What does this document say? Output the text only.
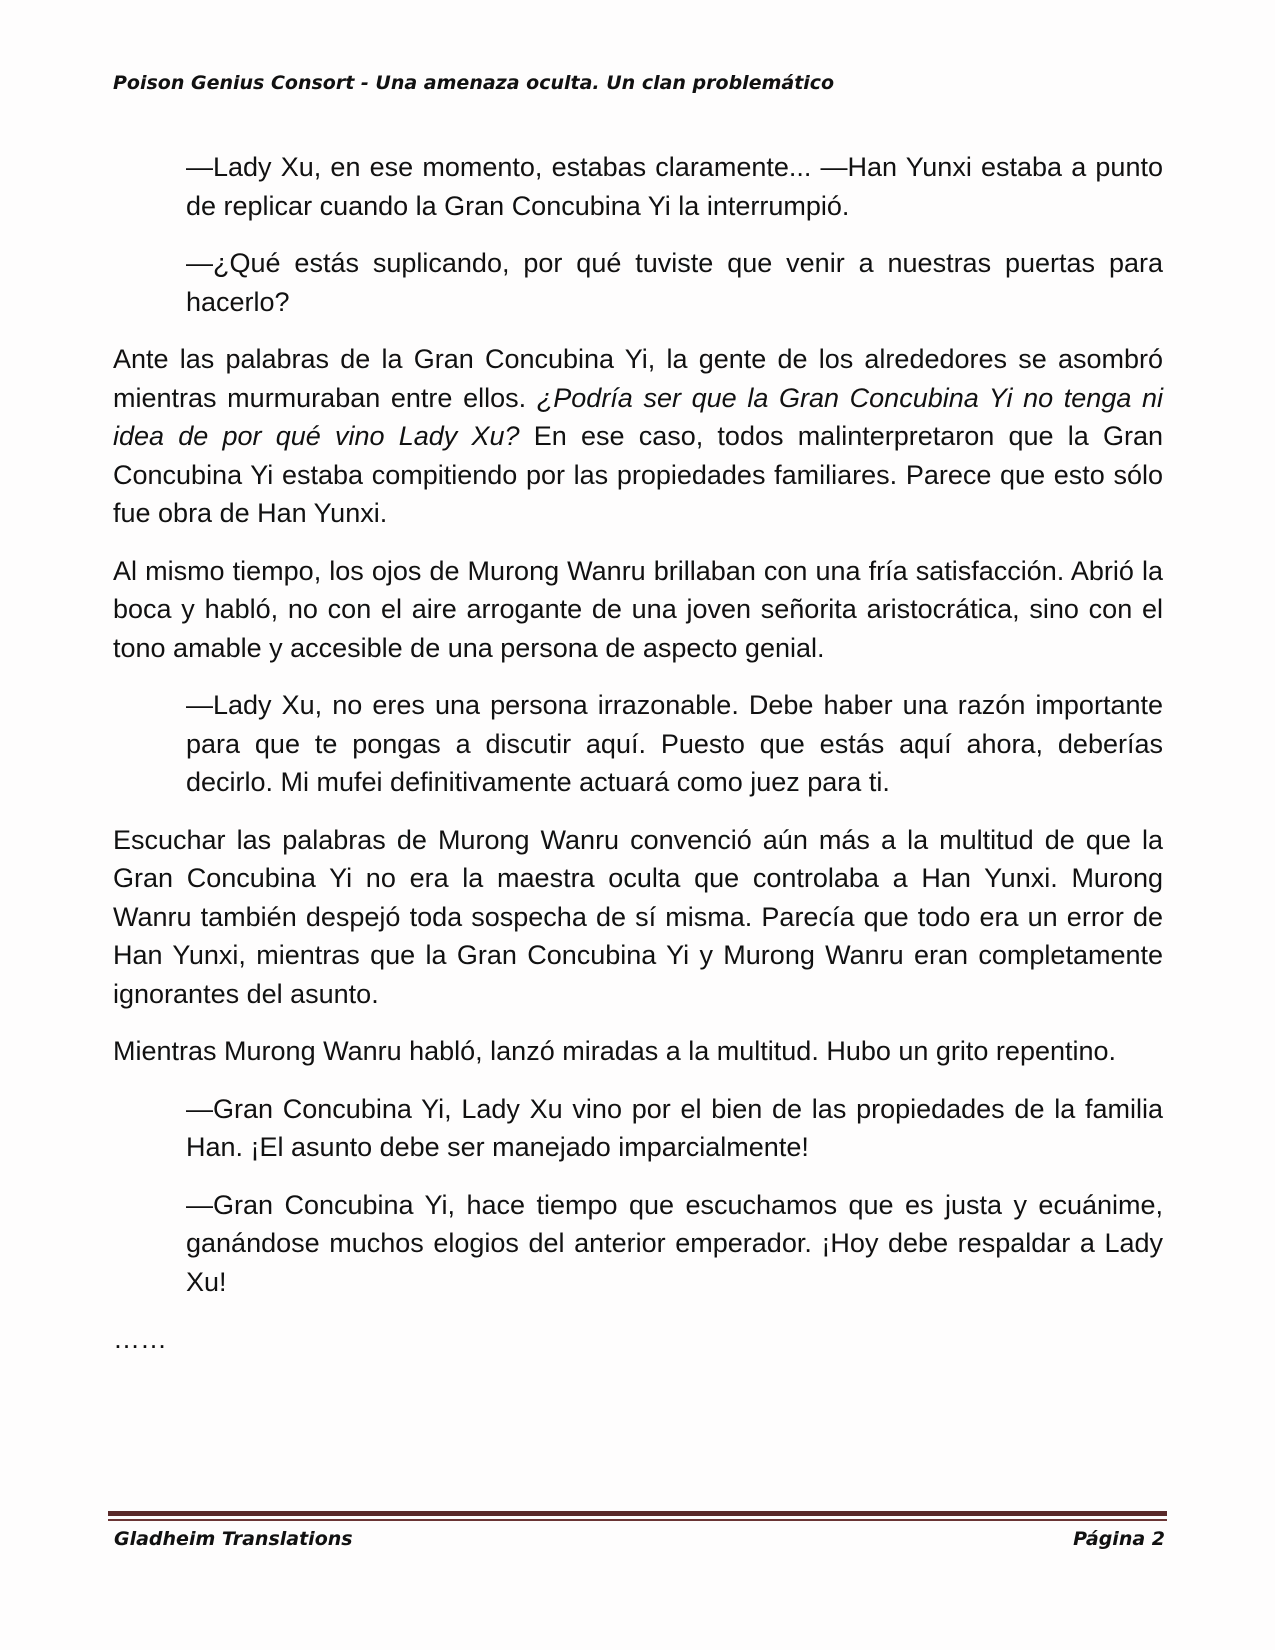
Poison Genius Consort - Una amenaza oculta. Un clan problemático

—Lady Xu, en ese momento, estabas claramente... —Han Yunxi estaba a punto de replicar cuando la Gran Concubina Yi la interrumpió.

—¿Qué estás suplicando, por qué tuviste que venir a nuestras puertas para hacerlo?

Ante las palabras de la Gran Concubina Yi, la gente de los alrededores se asombró mientras murmuraban entre ellos. ¿Podría ser que la Gran Concubina Yi no tenga ni idea de por qué vino Lady Xu? En ese caso, todos malinterpretaron que la Gran Concubina Yi estaba compitiendo por las propiedades familiares. Parece que esto sólo fue obra de Han Yunxi.

Al mismo tiempo, los ojos de Murong Wanru brillaban con una fría satisfacción. Abrió la boca y habló, no con el aire arrogante de una joven señorita aristocrática, sino con el tono amable y accesible de una persona de aspecto genial.

—Lady Xu, no eres una persona irrazonable. Debe haber una razón importante para que te pongas a discutir aquí. Puesto que estás aquí ahora, deberías decirlo. Mi mufei definitivamente actuará como juez para ti.

Escuchar las palabras de Murong Wanru convenció aún más a la multitud de que la Gran Concubina Yi no era la maestra oculta que controlaba a Han Yunxi. Murong Wanru también despejó toda sospecha de sí misma. Parecía que todo era un error de Han Yunxi, mientras que la Gran Concubina Yi y Murong Wanru eran completamente ignorantes del asunto.

Mientras Murong Wanru habló, lanzó miradas a la multitud. Hubo un grito repentino.

—Gran Concubina Yi, Lady Xu vino por el bien de las propiedades de la familia Han. ¡El asunto debe ser manejado imparcialmente!

—Gran Concubina Yi, hace tiempo que escuchamos que es justa y ecuánime, ganándose muchos elogios del anterior emperador. ¡Hoy debe respaldar a Lady Xu!

……

Gladheim Translations	Página 2
